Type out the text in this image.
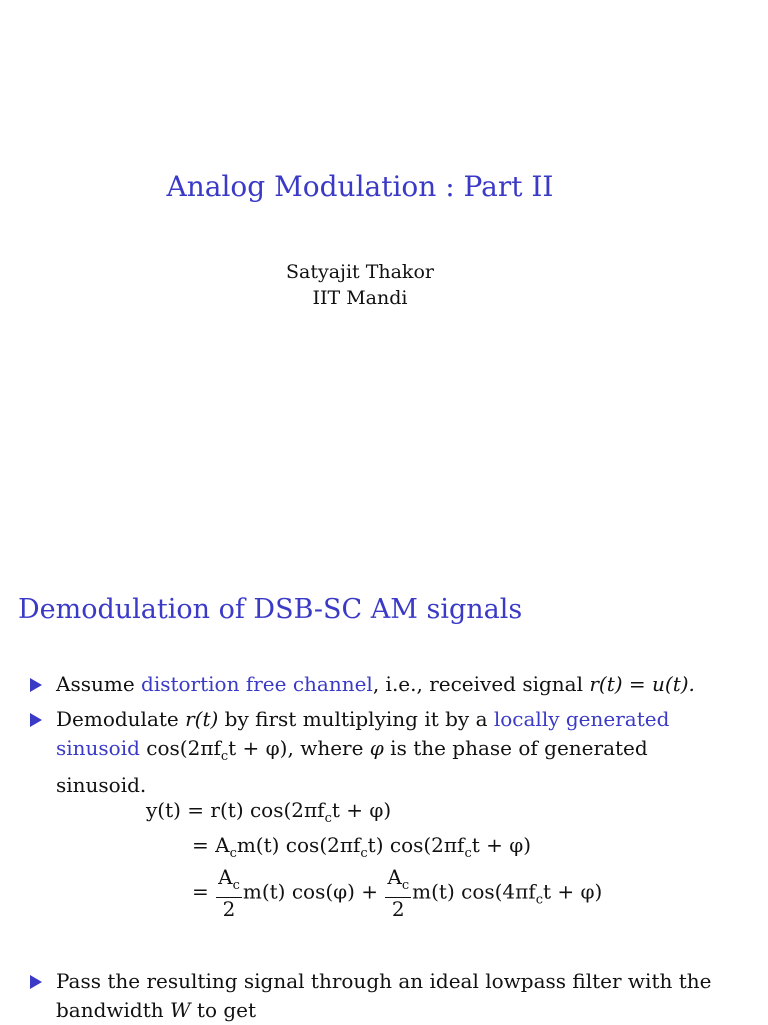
Analog Modulation : Part II
Satyajit Thakor
IIT Mandi
Demodulation of DSB-SC AM signals
Assume distortion free channel, i.e., received signal r(t) = u(t).
Demodulate r(t) by first multiplying it by a locally generated
sinusoid $\cos(2\pi f_ct + \varphi)$, where φ is the phase of generated
sinusoid.
y(t) = r(t) $\cos(2\pi f_ct + \varphi)$
= $A_cm(t)$ $\cos(2\pi f_ct) \cos(2\pi f_ct + \varphi)$
= $\frac{A_c}{2} m(t) \cos(\varphi) + \frac{A_c}{2} m(t) \cos(4\pi f_ct + \varphi)$
Pass the resulting signal through an ideal lowpass filter with the
bandwidth W to get
